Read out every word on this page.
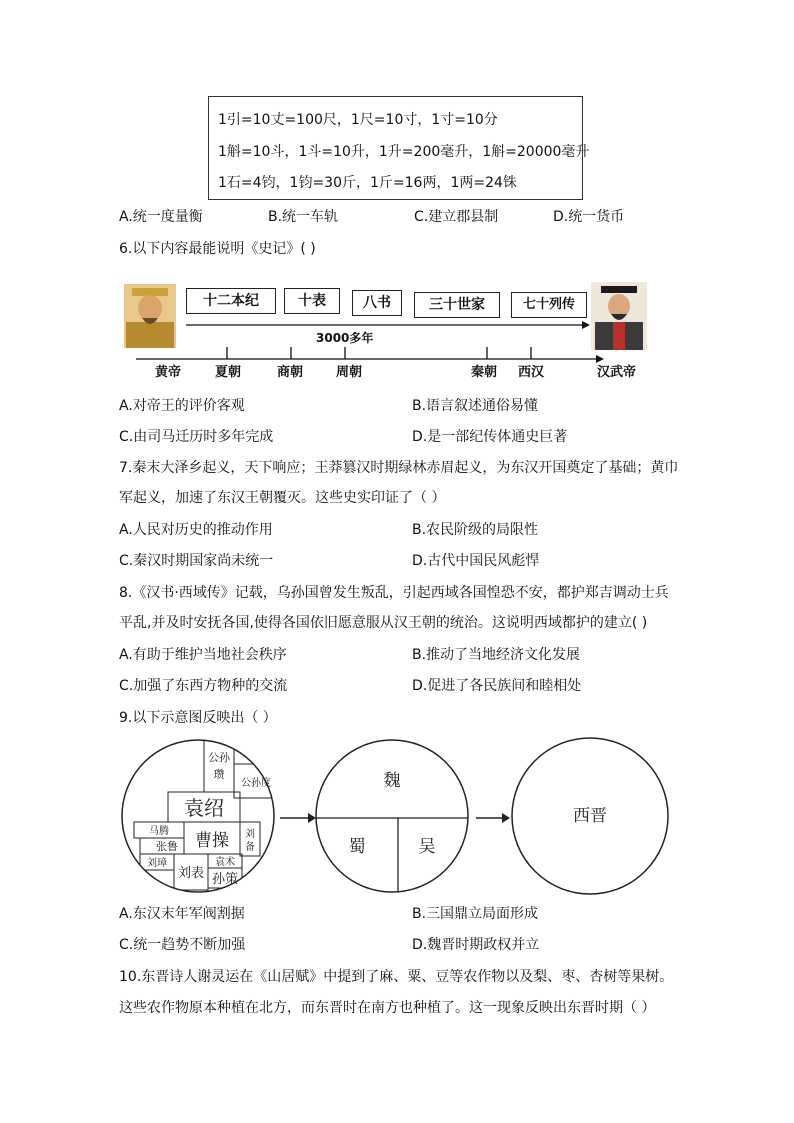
1引=10丈=100尺，1尺=10寸，1寸=10分
1斛=10斗，1斗=10升，1升=200毫升，1斛=20000毫升
1石=4钧，1钧=30斤，1斤=16两，1两=24铢
A.统一度量衡	B.统一车轨	C.建立郡县制	D.统一货币
6.以下内容最能说明《史记》( )
十二本纪	十表	八书	三十世家	七十列传
3000多年
黄帝	夏朝	商朝	周朝	秦朝 西汉	汉武帝
A.对帝王的评价客观	B.语言叙述通俗易懂
C.由司马迁历时多年完成	D.是一部纪传体通史巨著
7.秦末大泽乡起义，天下响应；王莽篡汉时期绿林赤眉起义，为东汉开国奠定了基础；黄巾
军起义，加速了东汉王朝覆灭。这些史实印证了（ ）
A.人民对历史的推动作用	B.农民阶级的局限性
C.秦汉时期国家尚未统一	D.古代中国民风彪悍
8.《汉书·西域传》记载，乌孙国曾发生叛乱，引起西域各国惶恐不安，都护郑吉调动士兵
平乱,并及时安抚各国,使得各国依旧愿意服从汉王朝的统治。这说明西域都护的建立( )
A.有助于维护当地社会秩序	B.推动了当地经济文化发展
C.加强了东西方物种的交流	D.促进了各民族间和睦相处
9.以下示意图反映出（ ）
公孙
瓒
公孙度
袁绍
马腾
张鲁
刘璋
曹操 刘
备
刘表
袁术
孙策
魏
蜀	吴
西晋
A.东汉末年军阀割据	B.三国鼎立局面形成
C.统一趋势不断加强	D.魏晋时期政权并立
10.东晋诗人谢灵运在《山居赋》中提到了麻、粟、豆等农作物以及梨、枣、杏树等果树。
这些农作物原本种植在北方，而东晋时在南方也种植了。这一现象反映出东晋时期（ ）
